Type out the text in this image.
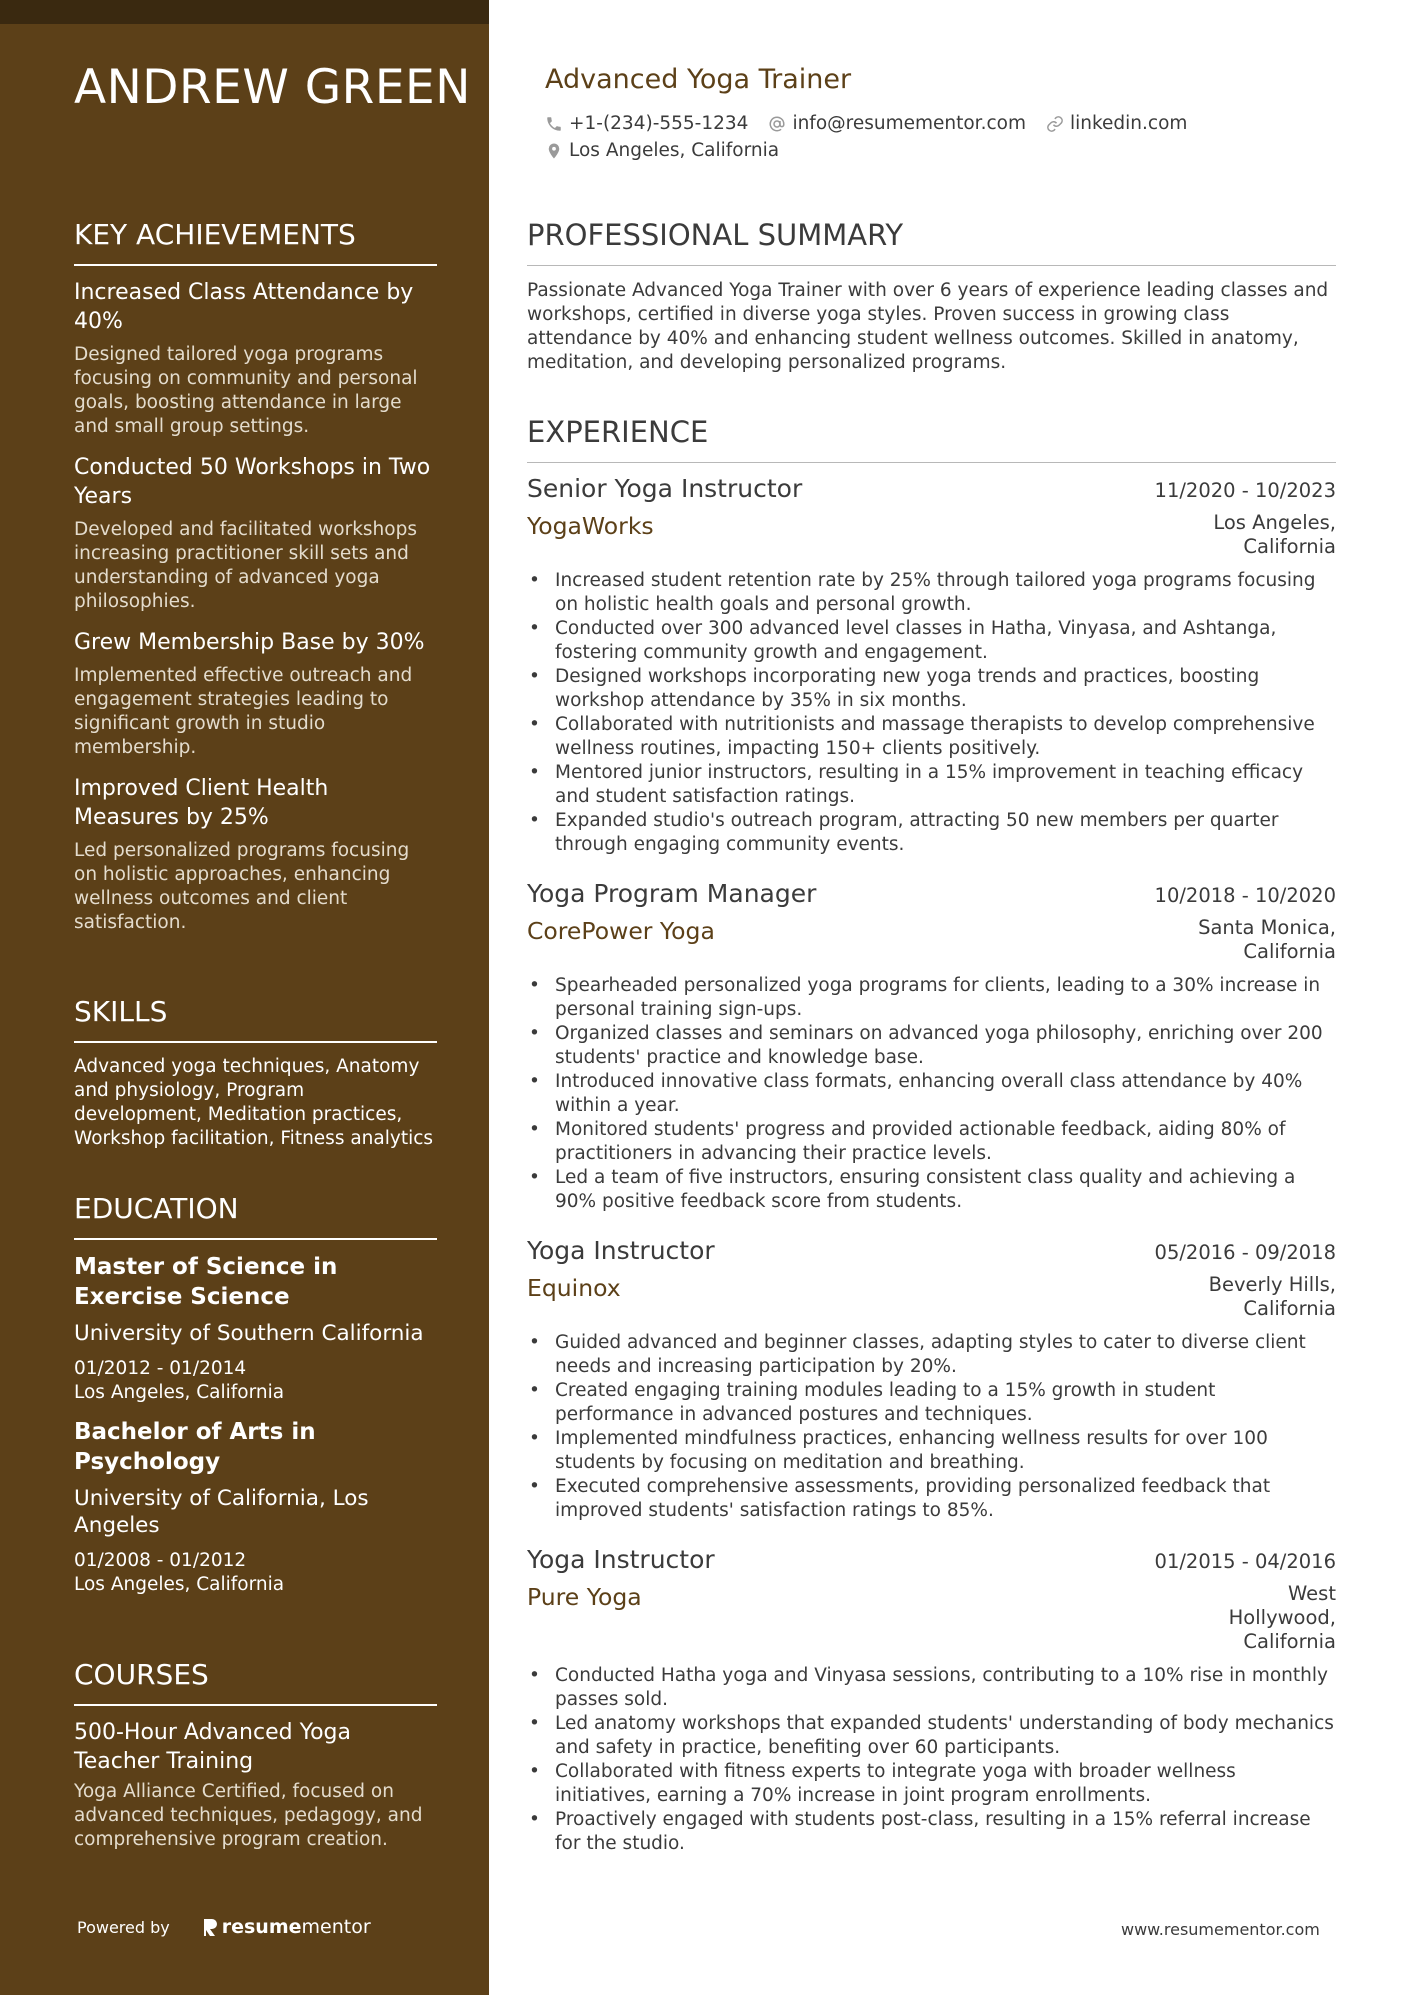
ANDREW GREEN
KEY ACHIEVEMENTS
Increased Class Attendance by 40%
Designed tailored yoga programs focusing on community and personal goals, boosting attendance in large and small group settings.
Conducted 50 Workshops in Two Years
Developed and facilitated workshops increasing practitioner skill sets and understanding of advanced yoga philosophies.
Grew Membership Base by 30%
Implemented effective outreach and engagement strategies leading to significant growth in studio membership.
Improved Client Health Measures by 25%
Led personalized programs focusing on holistic approaches, enhancing wellness outcomes and client satisfaction.
SKILLS
Advanced yoga techniques, Anatomy and physiology, Program development, Meditation practices, Workshop facilitation, Fitness analytics
EDUCATION
Master of Science in Exercise Science
University of Southern California
01/2012 - 01/2014
Los Angeles, California
Bachelor of Arts in Psychology
University of California, Los Angeles
01/2008 - 01/2012
Los Angeles, California
COURSES
500-Hour Advanced Yoga Teacher Training
Yoga Alliance Certified, focused on advanced techniques, pedagogy, and comprehensive program creation.
Powered by	resume mentor
Advanced Yoga Trainer
+1-(234)-555-1234 info@resumementor.com linkedin.com
Los Angeles, California
PROFESSIONAL SUMMARY
Passionate Advanced Yoga Trainer with over 6 years of experience leading classes and workshops, certified in diverse yoga styles. Proven success in growing class attendance by 40% and enhancing student wellness outcomes. Skilled in anatomy, meditation, and developing personalized programs.
EXPERIENCE
Senior Yoga Instructor	11/2020 - 10/2023
YogaWorks	Los Angeles, California
• Increased student retention rate by 25% through tailored yoga programs focusing on holistic health goals and personal growth.
• Conducted over 300 advanced level classes in Hatha, Vinyasa, and Ashtanga, fostering community growth and engagement.
• Designed workshops incorporating new yoga trends and practices, boosting workshop attendance by 35% in six months.
• Collaborated with nutritionists and massage therapists to develop comprehensive wellness routines, impacting 150+ clients positively.
• Mentored junior instructors, resulting in a 15% improvement in teaching efficacy and student satisfaction ratings.
• Expanded studio's outreach program, attracting 50 new members per quarter through engaging community events.
Yoga Program Manager	10/2018 - 10/2020
CorePower Yoga	Santa Monica, California
• Spearheaded personalized yoga programs for clients, leading to a 30% increase in personal training sign-ups.
• Organized classes and seminars on advanced yoga philosophy, enriching over 200 students' practice and knowledge base.
• Introduced innovative class formats, enhancing overall class attendance by 40% within a year.
• Monitored students' progress and provided actionable feedback, aiding 80% of practitioners in advancing their practice levels.
• Led a team of five instructors, ensuring consistent class quality and achieving a 90% positive feedback score from students.
Yoga Instructor	05/2016 - 09/2018
Equinox	Beverly Hills, California
• Guided advanced and beginner classes, adapting styles to cater to diverse client needs and increasing participation by 20%.
• Created engaging training modules leading to a 15% growth in student performance in advanced postures and techniques.
• Implemented mindfulness practices, enhancing wellness results for over 100 students by focusing on meditation and breathing.
• Executed comprehensive assessments, providing personalized feedback that improved students' satisfaction ratings to 85%.
Yoga Instructor	01/2015 - 04/2016
Pure Yoga	West Hollywood, California
• Conducted Hatha yoga and Vinyasa sessions, contributing to a 10% rise in monthly passes sold.
• Led anatomy workshops that expanded students' understanding of body mechanics and safety in practice, benefiting over 60 participants.
• Collaborated with fitness experts to integrate yoga with broader wellness initiatives, earning a 70% increase in joint program enrollments.
• Proactively engaged with students post-class, resulting in a 15% referral increase for the studio.
www.resumementor.com
